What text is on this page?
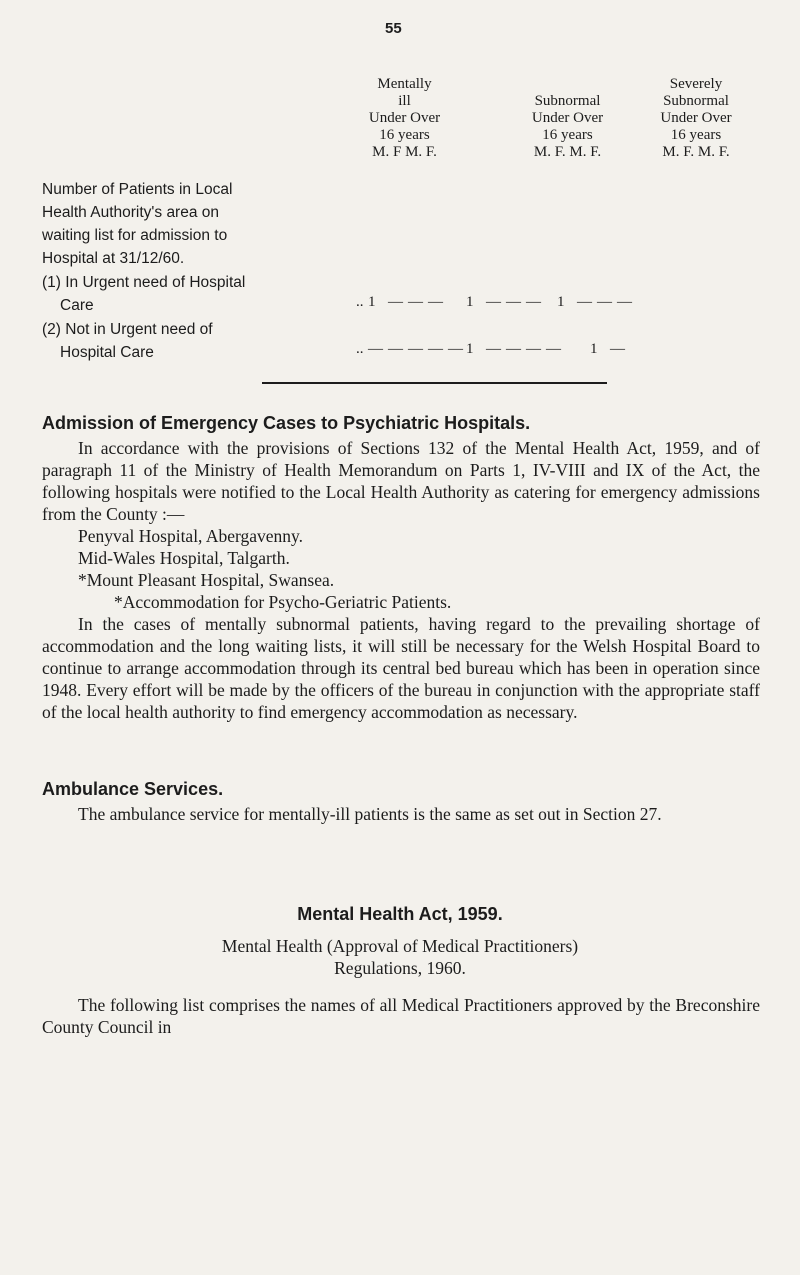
55
Mentally
ill
Under Over
16 years
M. F M. F.

Subnormal
Under Over
16 years
M. F. M. F.
Severely
Subnormal
Under Over
16 years
M. F. M. F.
Number of Patients in Local
Health Authority's area on
waiting list for admission to
Hospital at 31/12/60.
(1) In Urgent need of Hospital
Care	.. 1 — — — 1 — — — 1 — — —
(2) Not in Urgent need of
Hospital Care	.. — — — — — 1 — — — — 1 —
Admission of Emergency Cases to Psychiatric Hospitals.
In accordance with the provisions of Sections 132 of the Mental Health Act, 1959, and of paragraph 11 of the Ministry of Health Memorandum on Parts 1, IV-VIII and IX of the Act, the following hospitals were notified to the Local Health Authority as catering for emergency admissions from the County :—
Penyval Hospital, Abergavenny.
Mid-Wales Hospital, Talgarth.
*Mount Pleasant Hospital, Swansea.
*Accommodation for Psycho-Geriatric Patients.
In the cases of mentally subnormal patients, having regard to the prevailing shortage of accommodation and the long waiting lists, it will still be necessary for the Welsh Hospital Board to continue to arrange accommodation through its central bed bureau which has been in operation since 1948. Every effort will be made by the officers of the bureau in conjunction with the appropriate staff of the local health authority to find emergency accommodation as necessary.
Ambulance Services.
The ambulance service for mentally-ill patients is the same as set out in Section 27.
Mental Health Act, 1959.
Mental Health (Approval of Medical Practitioners)
Regulations, 1960.
The following list comprises the names of all Medical Practitioners approved by the Breconshire County Council in
